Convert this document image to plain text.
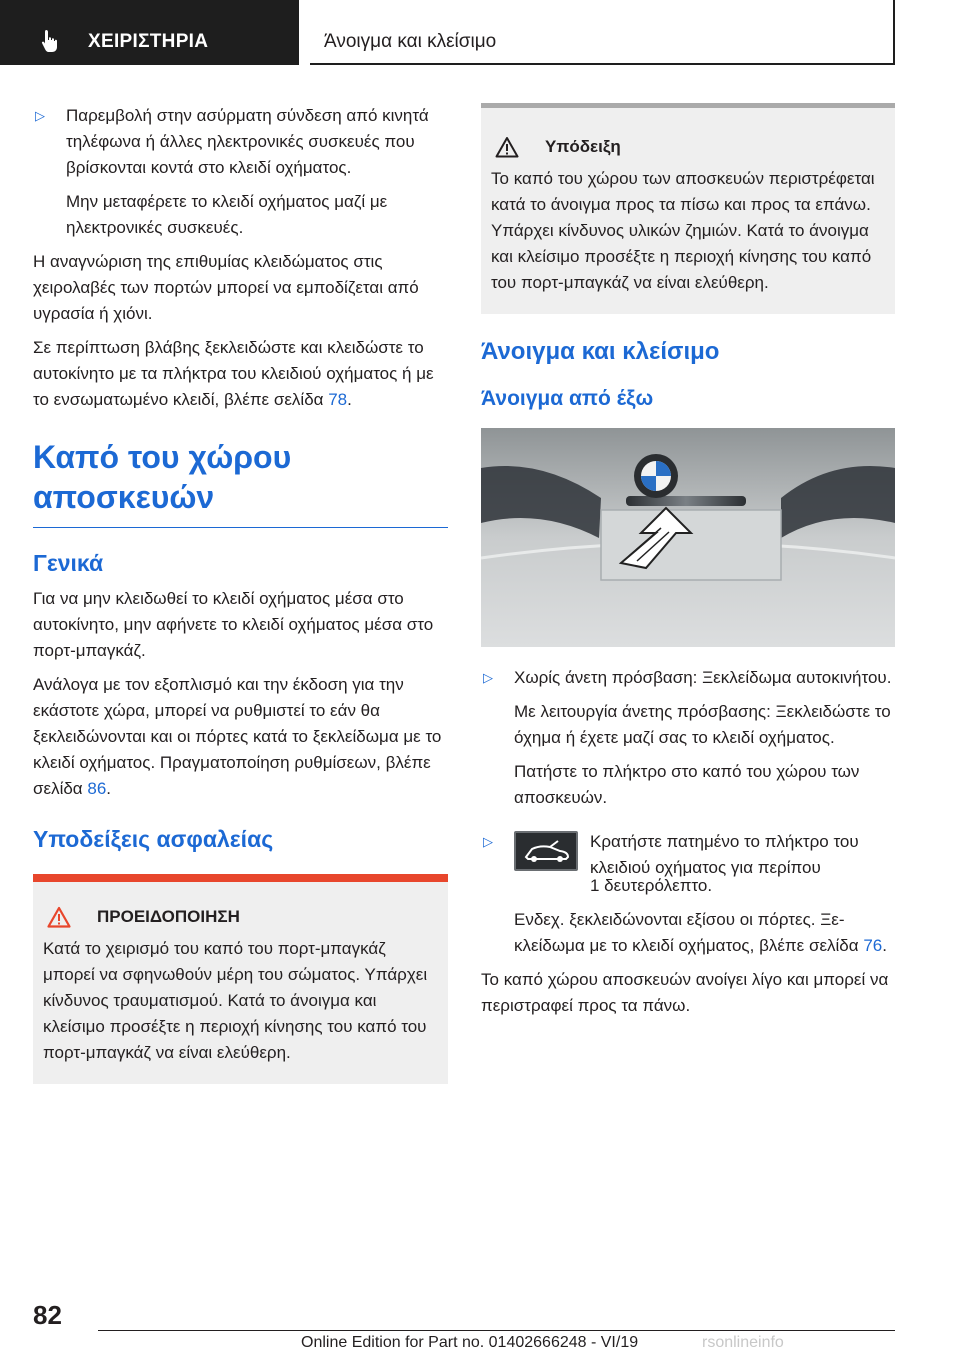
ΧΕΙΡΙΣΤΗΡΙΑ	Άνοιγμα και κλείσιμο

▷ Παρεμβολή στην ασύρματη σύνδεση από κινητά τηλέφωνα ή άλλες ηλεκτρονικές συσκευές που βρίσκονται κοντά στο κλειδί οχήματος.

Μην μεταφέρετε το κλειδί οχήματος μαζί με ηλεκτρονικές συσκευές.

Η αναγνώριση της επιθυμίας κλειδώματος στις χειρολαβές των πορτών μπορεί να εμποδίζεται από υγρασία ή χιόνι.

Σε περίπτωση βλάβης ξεκλειδώστε και κλειδώστε το αυτοκίνητο με τα πλήκτρα του κλειδιού οχήματος ή με το ενσωματωμένο κλειδί, βλέπε σελίδα 78.

Καπό του χώρου αποσκευών
Γενικά

Για να μην κλειδωθεί το κλειδί οχήματος μέσα στο αυτοκίνητο, μην αφήνετε το κλειδί οχήματος μέσα στο πορτ-μπαγκάζ.

Ανάλογα με τον εξοπλισμό και την έκδοση για την εκάστοτε χώρα, μπορεί να ρυθμιστεί το εάν θα ξεκλειδώνονται και οι πόρτες κατά το ξεκλείδωμα με το κλειδί οχήματος. Πραγματοποίηση ρυθμίσεων, βλέπε σελίδα 86.

Υποδείξεις ασφαλείας
ΠΡΟΕΙΔΟΠΟΙΗΣΗ

Κατά το χειρισμό του καπό του πορτ-μπαγκάζ μπορεί να σφηνωθούν μέρη του σώματος. Υπάρχει κίνδυνος τραυματισμού. Κατά το άνοιγμα και κλείσιμο προσέξτε η περιοχή κίνησης του καπό του πορτ-μπαγκάζ να είναι ελεύθερη.

Υπόδειξη

Το καπό του χώρου των αποσκευών περιστρέφεται κατά το άνοιγμα προς τα πίσω και προς τα επάνω. Υπάρχει κίνδυνος υλικών ζημιών. Κατά το άνοιγμα και κλείσιμο προσέξτε η περιοχή κίνησης του καπό του πορτ-μπαγκάζ να είναι ελεύθερη.

Άνοιγμα και κλείσιμο
Άνοιγμα από έξω

▷ Χωρίς άνετη πρόσβαση: Ξεκλείδωμα αυτοκινήτου.

Με λειτουργία άνετης πρόσβασης: Ξεκλειδώστε το όχημα ή έχετε μαζί σας το κλειδί οχήματος.

Πατήστε το πλήκτρο στο καπό του χώρου των αποσκευών.

▷	Κρατήστε πατημένο το πλήκτρο του κλειδιού οχήματος για περίπου

1 δευτερόλεπτο.

Ενδεχ. ξεκλειδώνονται εξίσου οι πόρτες. Ξεκλείδωμα με το κλειδί οχήματος, βλέπε σελίδα 76.

Το καπό χώρου αποσκευών ανοίγει λίγο και μπορεί να περιστραφεί προς τα πάνω.

82
Online Edition for Part no. 01402666248 - VI/19	rsonlineinfo
